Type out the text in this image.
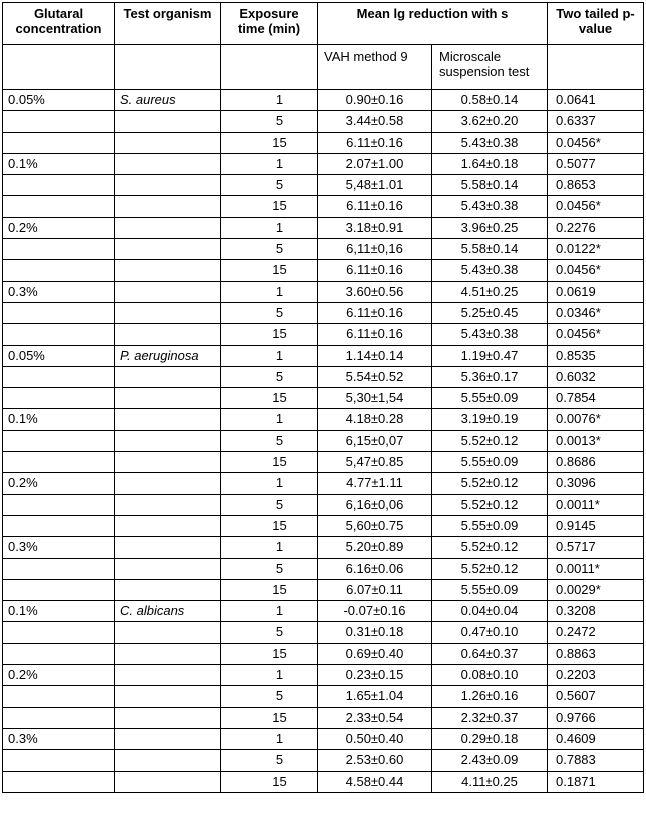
Glutaral concentration	Test organism	Exposure time (min)	Mean lg reduction with s		Two tailed p-value
			VAH method 9	Microscale suspension test	
0.05%	S. aureus	1	0.90±0.16	0.58±0.14	0.0641
		5	3.44±0.58	3.62±0.20	0.6337
		15	6.11±0.16	5.43±0.38	0.0456*
0.1%		1	2.07±1.00	1.64±0.18	0.5077
		5	5,48±1.01	5.58±0.14	0.8653
		15	6.11±0.16	5.43±0.38	0.0456*
0.2%		1	3.18±0.91	3.96±0.25	0.2276
		5	6,11±0,16	5.58±0.14	0.0122*
		15	6.11±0.16	5.43±0.38	0.0456*
0.3%		1	3.60±0.56	4.51±0.25	0.0619
		5	6.11±0.16	5.25±0.45	0.0346*
		15	6.11±0.16	5.43±0.38	0.0456*
0.05%	P. aeruginosa	1	1.14±0.14	1.19±0.47	0.8535
		5	5.54±0.52	5.36±0.17	0.6032
		15	5,30±1,54	5.55±0.09	0.7854
0.1%		1	4.18±0.28	3.19±0.19	0.0076*
		5	6,15±0,07	5.52±0.12	0.0013*
		15	5,47±0.85	5.55±0.09	0.8686
0.2%		1	4.77±1.11	5.52±0.12	0.3096
		5	6,16±0,06	5.52±0.12	0.0011*
		15	5,60±0.75	5.55±0.09	0.9145
0.3%		1	5.20±0.89	5.52±0.12	0.5717
		5	6.16±0.06	5.52±0.12	0.0011*
		15	6.07±0.11	5.55±0.09	0.0029*
0.1%	C. albicans	1	-0.07±0.16	0.04±0.04	0.3208
		5	0.31±0.18	0.47±0.10	0.2472
		15	0.69±0.40	0.64±0.37	0.8863
0.2%		1	0.23±0.15	0.08±0.10	0.2203
		5	1.65±1.04	1.26±0.16	0.5607
		15	2.33±0.54	2.32±0.37	0.9766
0.3%		1	0.50±0.40	0.29±0.18	0.4609
		5	2.53±0.60	2.43±0.09	0.7883
		15	4.58±0.44	4.11±0.25	0.1871
